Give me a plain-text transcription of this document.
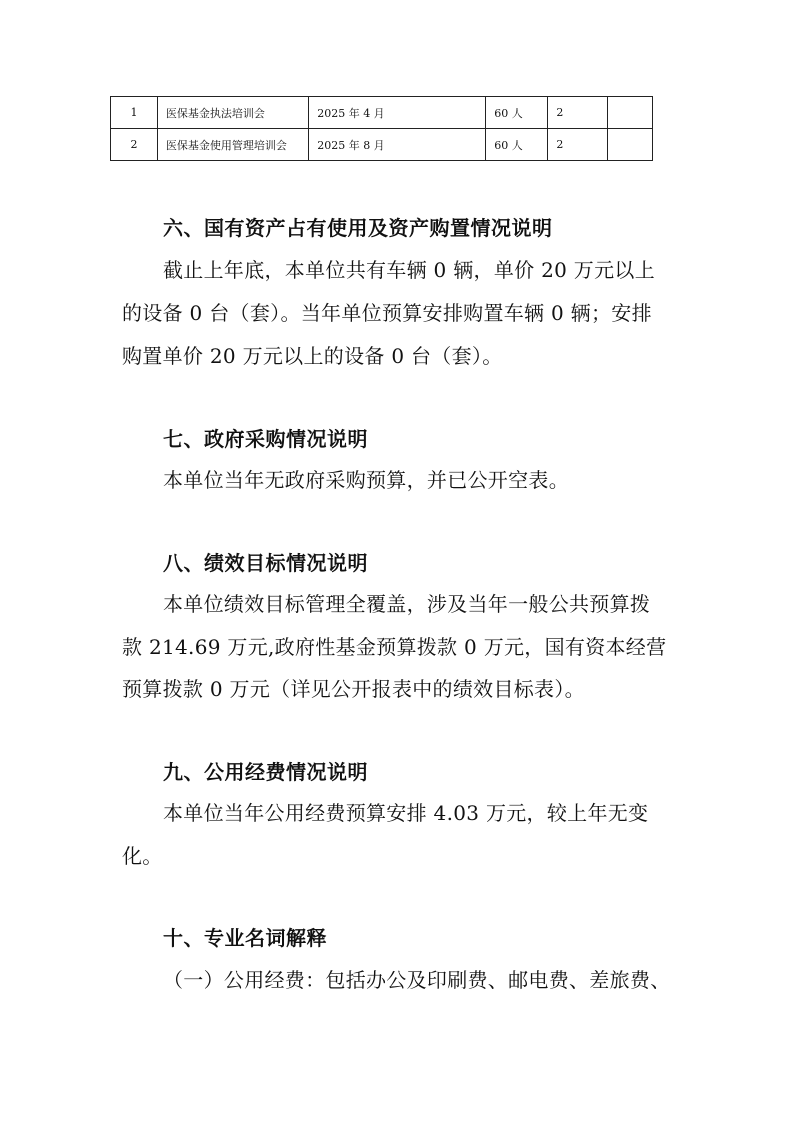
1	医保基金执法培训会	2025 年 4 月	60 人	2	
2	医保基金使用管理培训会	2025 年 8 月	60 人	2	
六、国有资产占有使用及资产购置情况说明
截止上年底，本单位共有车辆 0 辆，单价 20 万元以上
的设备 0 台（套）。当年单位预算安排购置车辆 0 辆；安排
购置单价 20 万元以上的设备 0 台（套）。
七、政府采购情况说明
本单位当年无政府采购预算，并已公开空表。
八、绩效目标情况说明
本单位绩效目标管理全覆盖，涉及当年一般公共预算拨
款 214.69 万元,政府性基金预算拨款 0 万元，国有资本经营
预算拨款 0 万元（详见公开报表中的绩效目标表）。
九、公用经费情况说明
本单位当年公用经费预算安排 4.03 万元，较上年无变
化。
十、专业名词解释
（一）公用经费：包括办公及印刷费、邮电费、差旅费、
